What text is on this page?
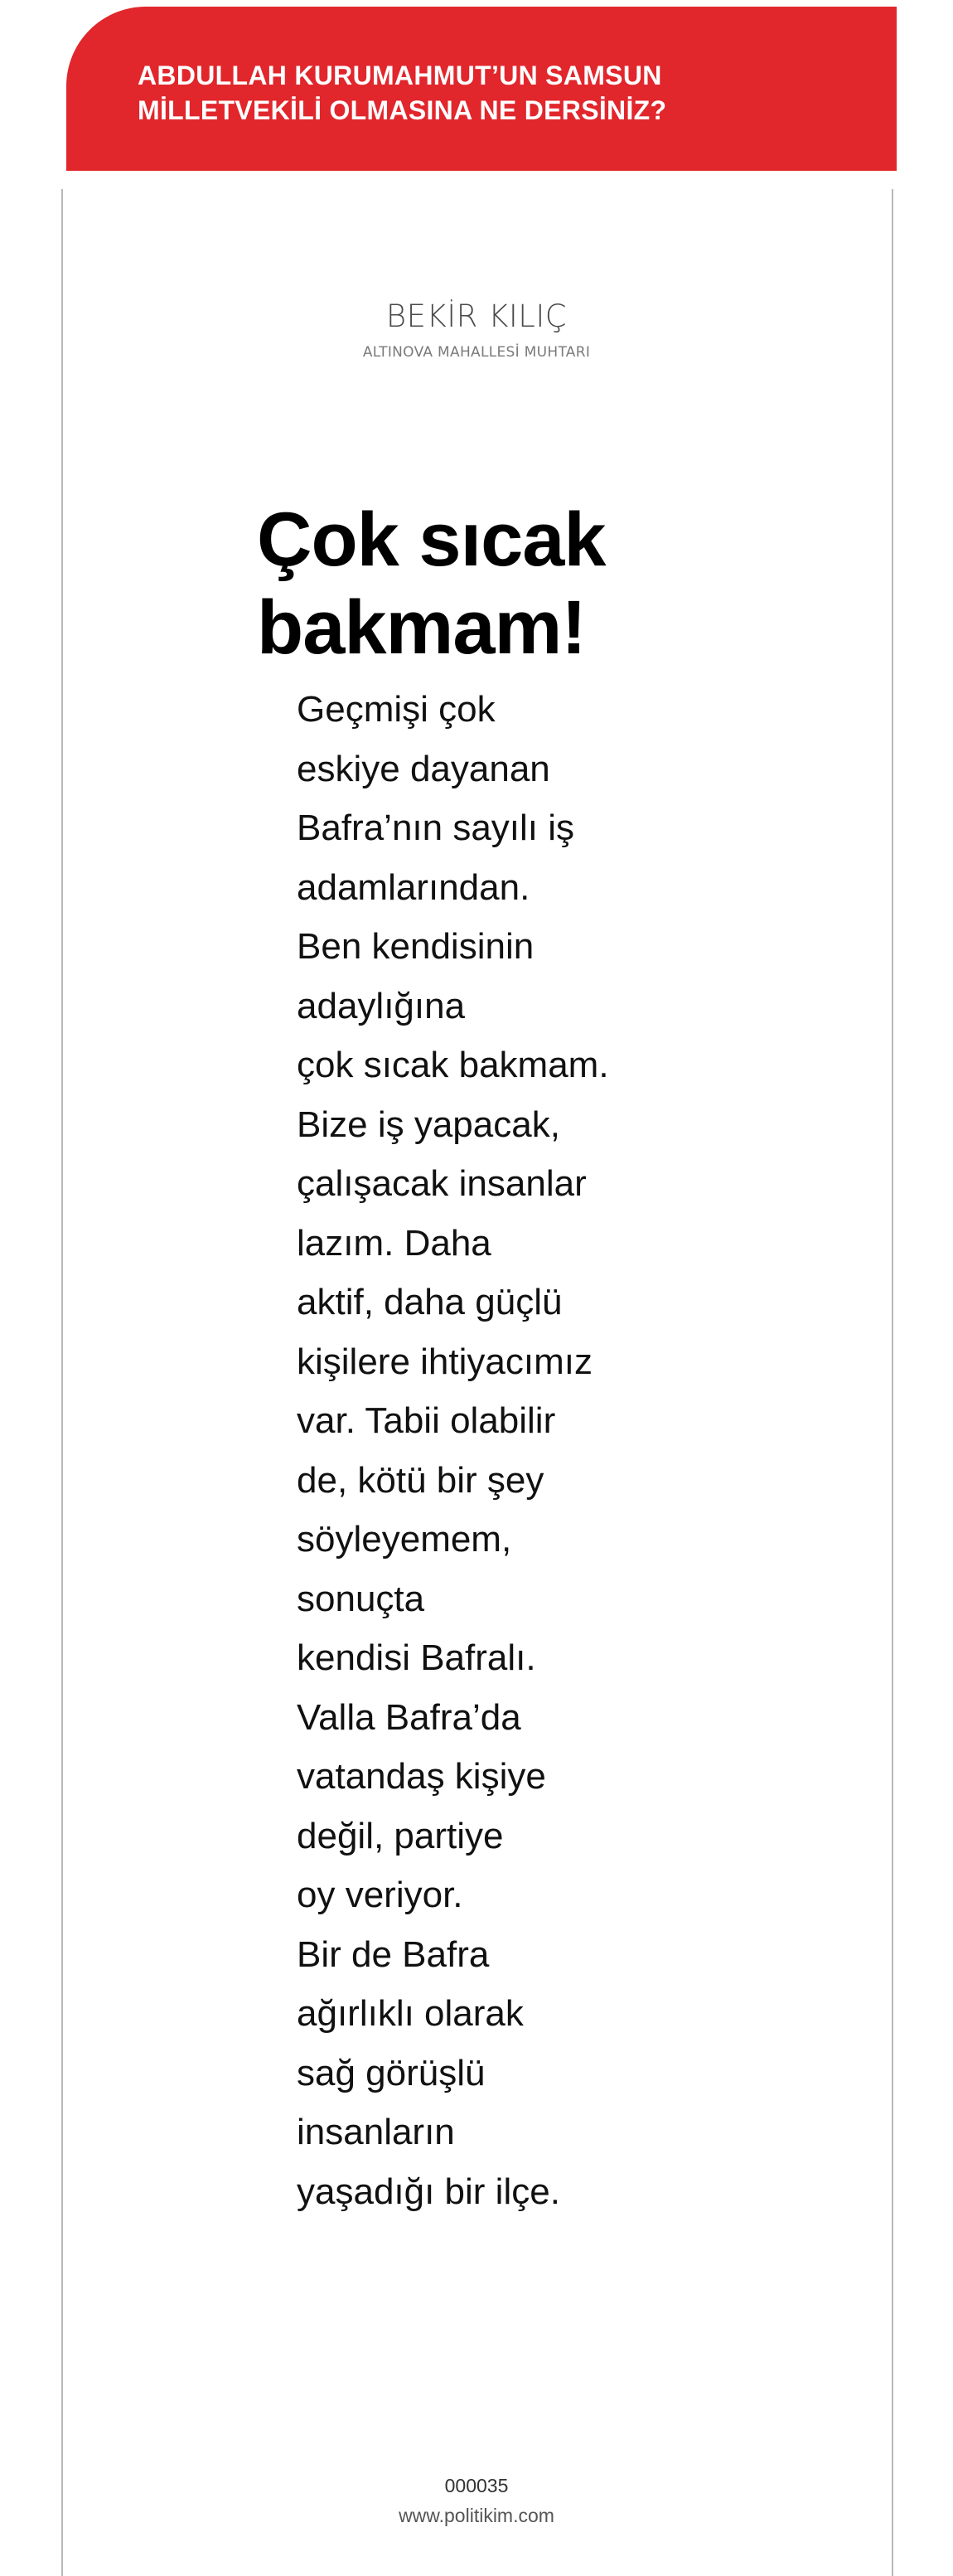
ABDULLAH KURUMAHMUT’UN SAMSUN
MİLLETVEKİLİ OLMASINA NE DERSİNİZ?
BEKİR KILIÇ
ALTINOVA MAHALLESİ MUHTARI
Çok sıcak
bakmam!
Geçmişi çok
eskiye dayanan
Bafra’nın sayılı iş
adamlarından.
Ben kendisinin
adaylığına
çok sıcak bakmam.
Bize iş yapacak,
çalışacak insanlar
lazım. Daha
aktif, daha güçlü
kişilere ihtiyacımız
var. Tabii olabilir
de, kötü bir şey
söyleyemem,
sonuçta
kendisi Bafralı.
Valla Bafra’da
vatandaş kişiye
değil, partiye
oy veriyor.
Bir de Bafra
ağırlıklı olarak
sağ görüşlü
insanların
yaşadığı bir ilçe.
000035
www.politikim.com
